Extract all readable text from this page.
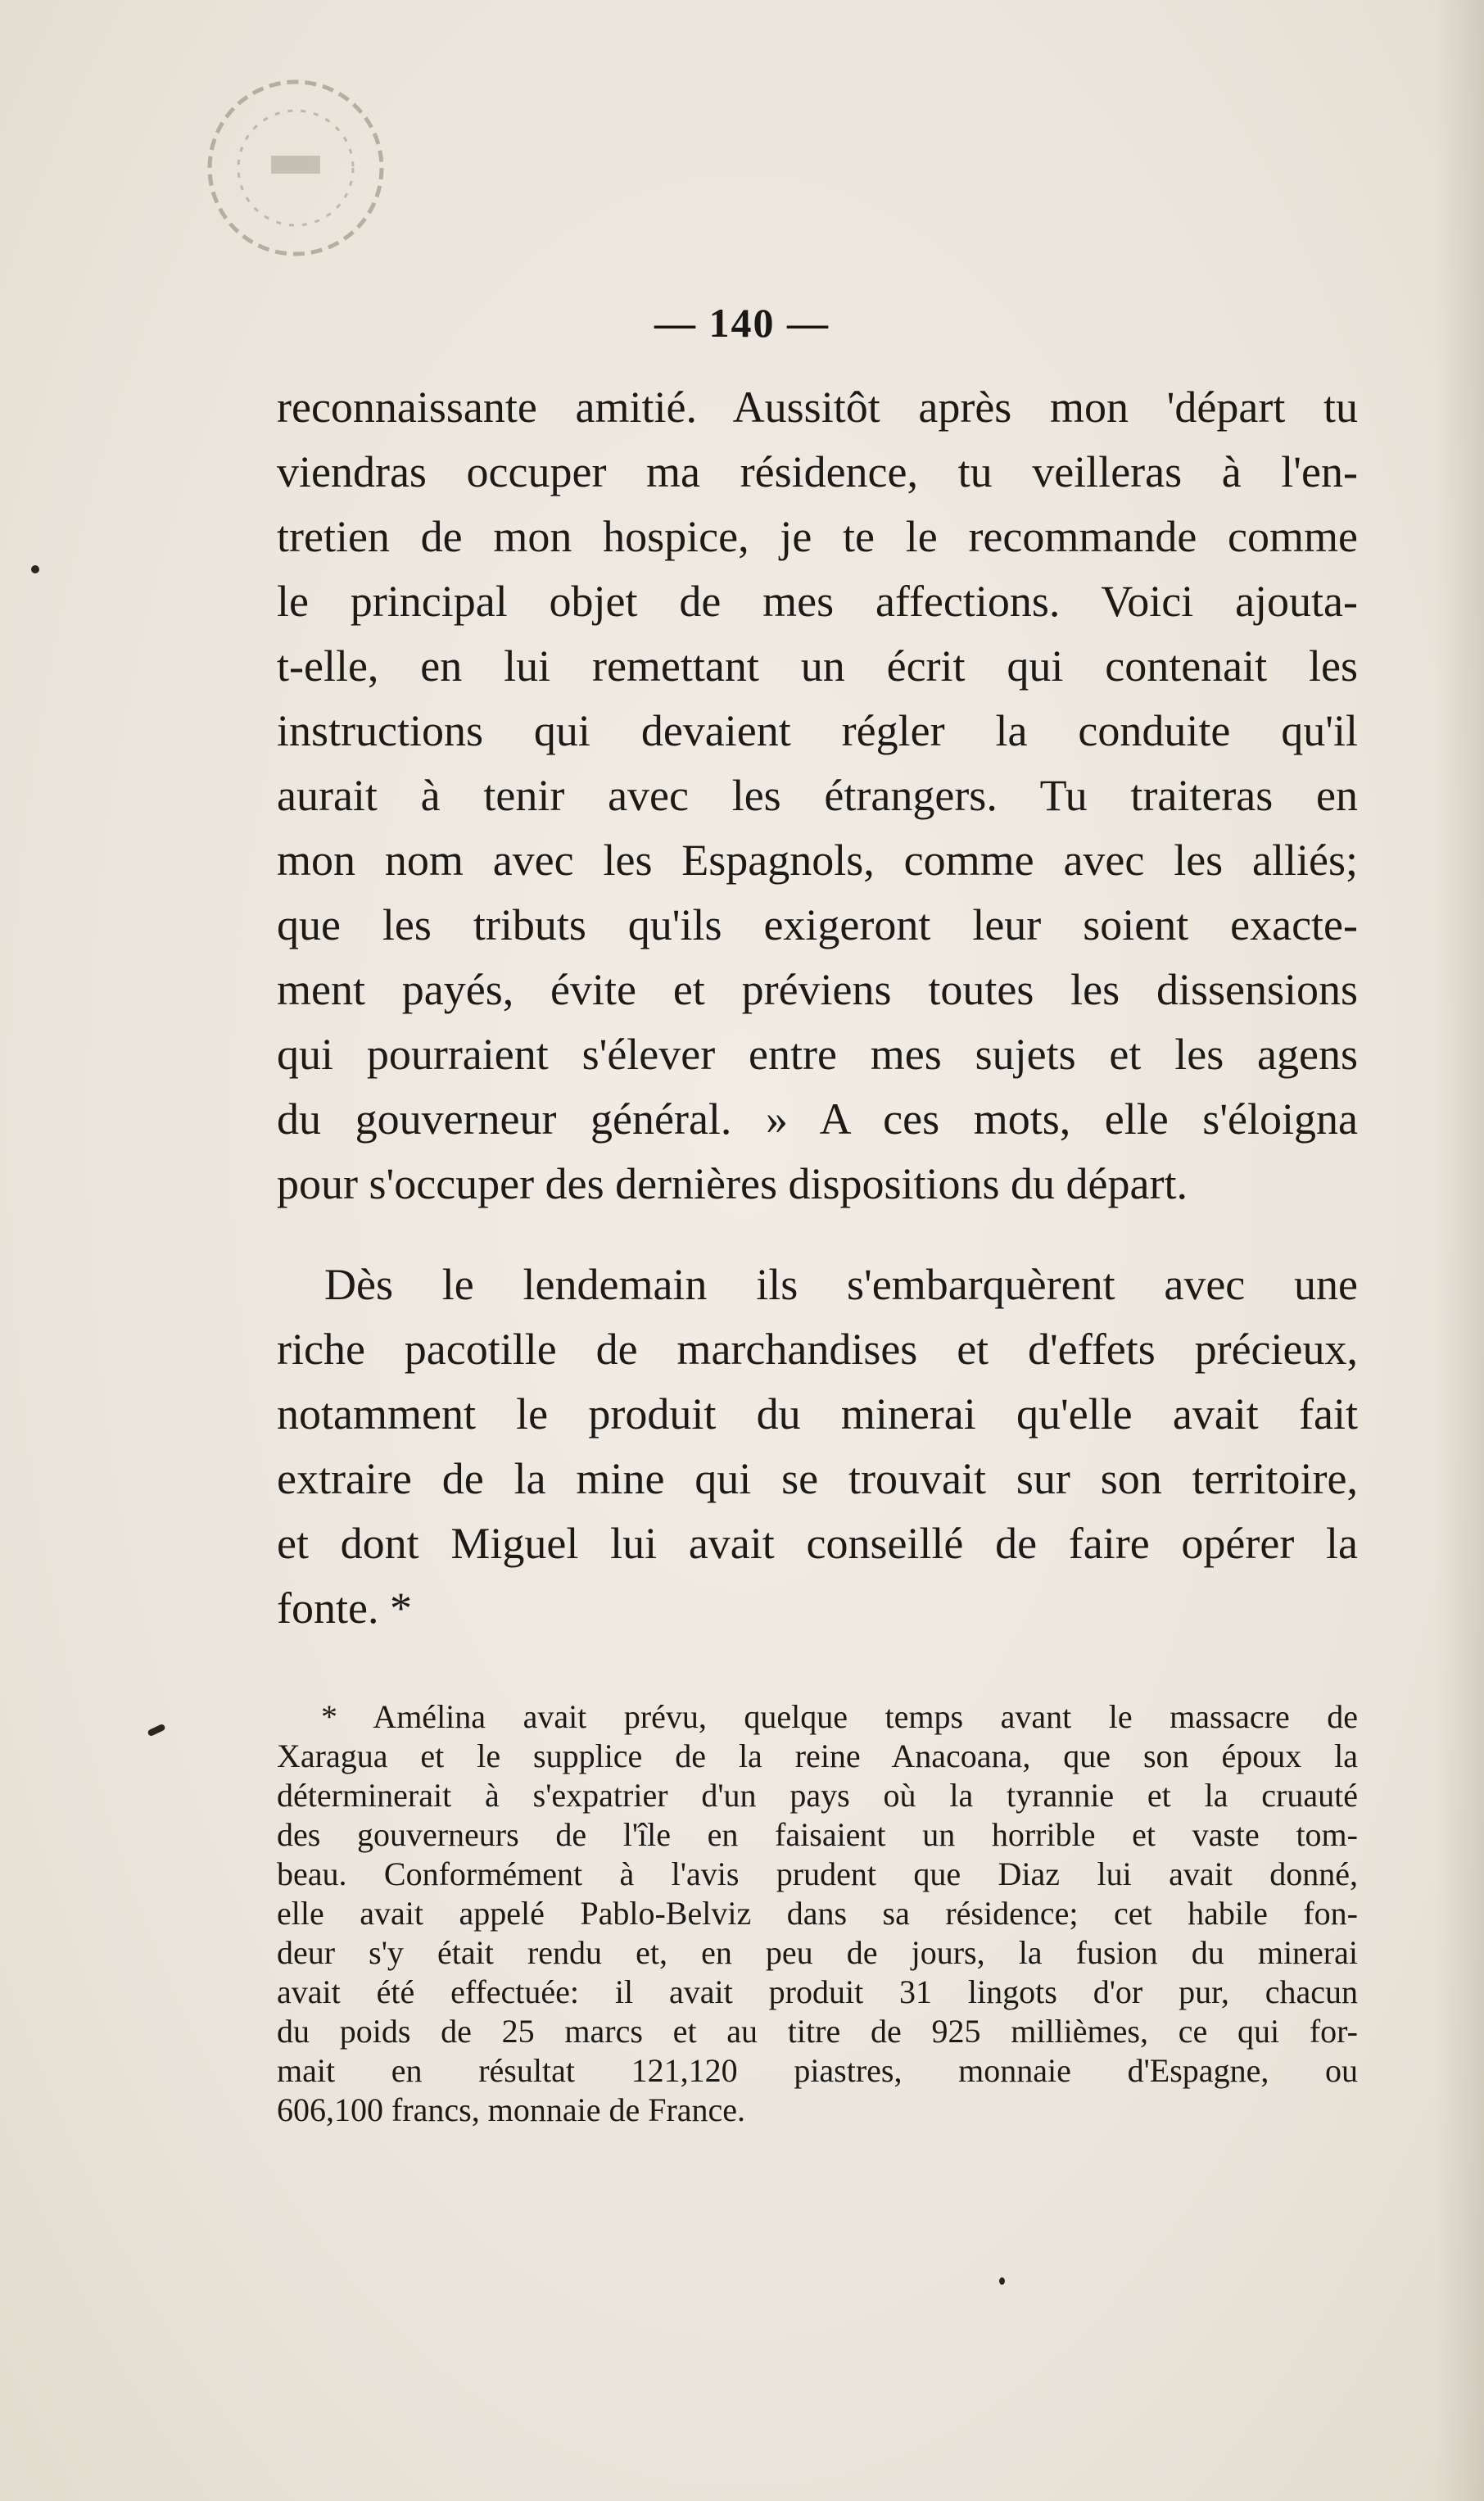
— 140 —
reconnaissante amitié. Aussitôt après mon 'départ tu
viendras occuper ma résidence, tu veilleras à l'en-
tretien de mon hospice, je te le recommande comme
le principal objet de mes affections. Voici ajouta-
t-elle, en lui remettant un écrit qui contenait les
instructions qui devaient régler la conduite qu'il
aurait à tenir avec les étrangers. Tu traiteras en
mon nom avec les Espagnols, comme avec les alliés;
que les tributs qu'ils exigeront leur soient exacte-
ment payés, évite et préviens toutes les dissensions
qui pourraient s'élever entre mes sujets et les agens
du gouverneur général. » A ces mots, elle s'éloigna
pour s'occuper des dernières dispositions du départ.
Dès le lendemain ils s'embarquèrent avec une
riche pacotille de marchandises et d'effets précieux,
notamment le produit du minerai qu'elle avait fait
extraire de la mine qui se trouvait sur son territoire,
et dont Miguel lui avait conseillé de faire opérer la
fonte. *
* Amélina avait prévu, quelque temps avant le massacre de
Xaragua et le supplice de la reine Anacoana, que son époux la
déterminerait à s'expatrier d'un pays où la tyrannie et la cruauté
des gouverneurs de l'île en faisaient un horrible et vaste tom-
beau. Conformément à l'avis prudent que Diaz lui avait donné,
elle avait appelé Pablo-Belviz dans sa résidence; cet habile fon-
deur s'y était rendu et, en peu de jours, la fusion du minerai
avait été effectuée: il avait produit 31 lingots d'or pur, chacun
du poids de 25 marcs et au titre de 925 millièmes, ce qui for-
mait en résultat 121,120 piastres, monnaie d'Espagne, ou
606,100 francs, monnaie de France.
